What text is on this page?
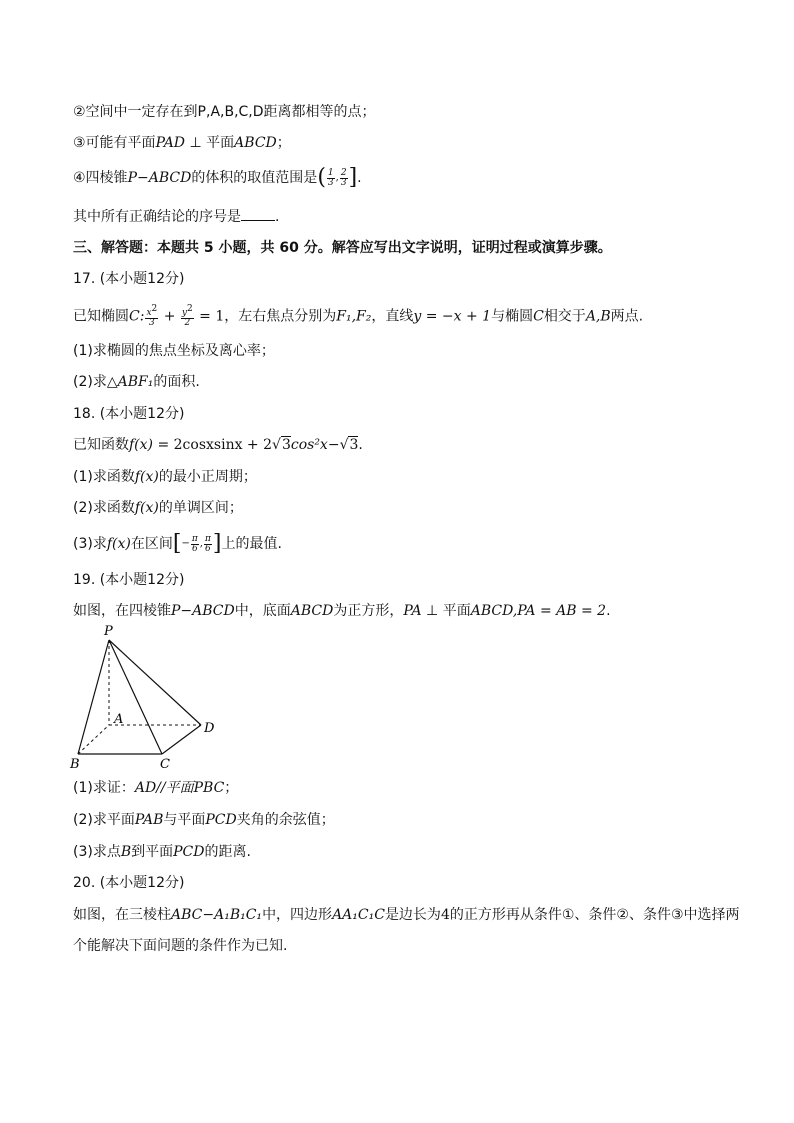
②空间中一定存在到P,A,B,C,D距离都相等的点；
③可能有平面PAD ⊥ 平面ABCD；
④四棱锥P−ABCD的体积的取值范围是( $\frac{1}{3}$ , $\frac{2}{3}$ ].
其中所有正确结论的序号是 .
三、解答题：本题共 5 小题，共 60 分。解答应写出文字说明，证明过程或演算步骤。
17. (本小题12分)
已知椭圆C: $\frac{x^2}{3} + \frac{y^2}{2} = 1$，左右焦点分别为F₁,F₂，直线y = −x + 1与椭圆C相交于A,B两点.
(1)求椭圆的焦点坐标及离心率；
(2)求△ABF₁的面积.
18. (本小题12分)
已知函数f(x) = 2cosxsinx + 2√3cos²x−√3.
(1)求函数f(x)的最小正周期；
(2)求函数f(x)的单调区间；
(3)求f(x)在区间[− $\frac{\pi}{6}$ , $\frac{\pi}{6}$ ]上的最值.
19. (本小题12分)
如图，在四棱锥P−ABCD中，底面ABCD为正方形，PA ⊥ 平面ABCD,PA = AB = 2.
P
A
B	C
D
(1)求证：AD//平面PBC；
(2)求平面PAB与平面PCD夹角的余弦值；
(3)求点B到平面PCD的距离.
20. (本小题12分)
如图，在三棱柱ABC−A₁B₁C₁中，四边形AA₁C₁C是边长为4的正方形再从条件①、条件②、条件③中选择两
个能解决下面问题的条件作为已知.
